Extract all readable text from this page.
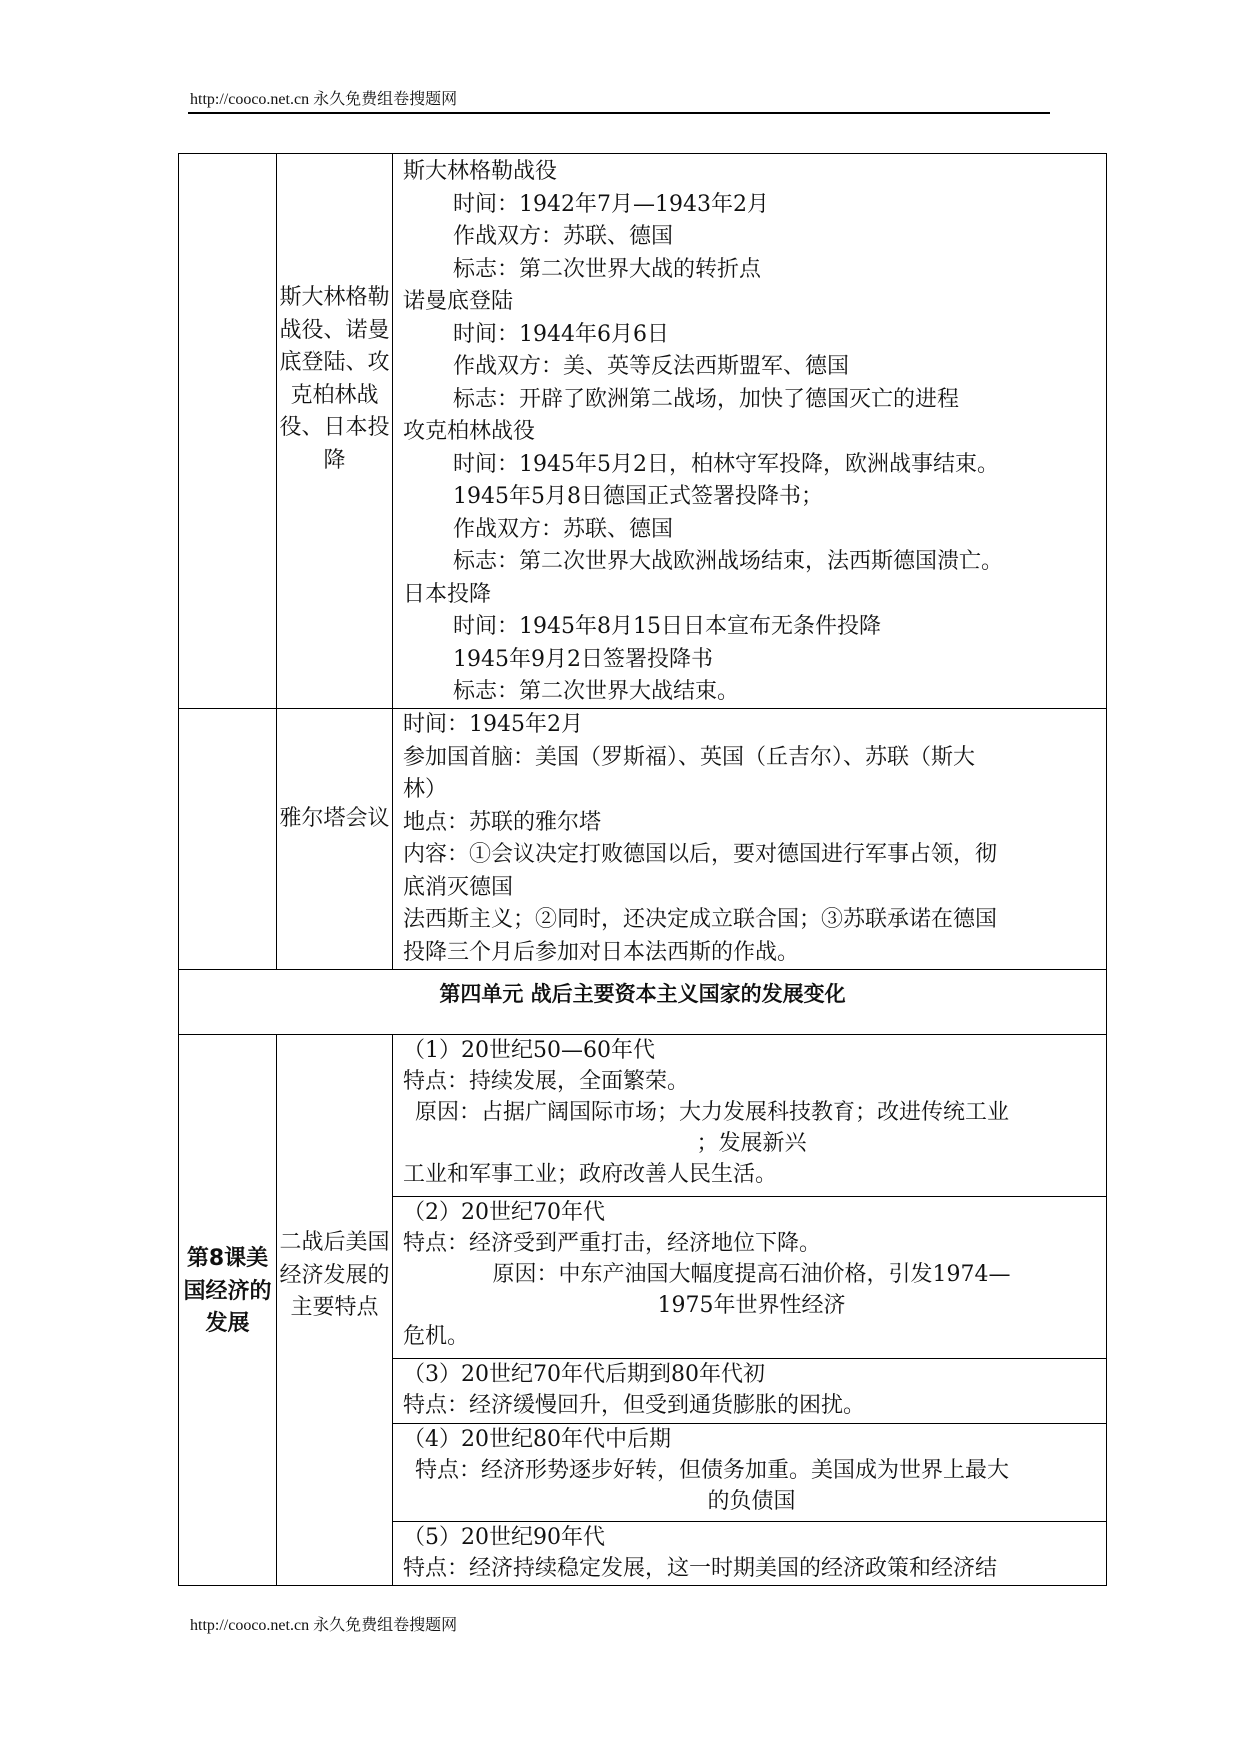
http://cooco.net.cn 永久免费组卷搜题网
斯大林格勒战役、诺曼底登陆、攻克柏林战役、日本投降
斯大林格勒战役
时间：1942年7月—1943年2月
作战双方：苏联、德国
标志：第二次世界大战的转折点
诺曼底登陆
时间：1944年6月6日
作战双方：美、英等反法西斯盟军、德国
标志：开辟了欧洲第二战场，加快了德国灭亡的进程
攻克柏林战役
时间：1945年5月2日，柏林守军投降，欧洲战事结束。
1945年5月8日德国正式签署投降书；
作战双方：苏联、德国
标志：第二次世界大战欧洲战场结束，法西斯德国溃亡。
日本投降
时间：1945年8月15日日本宣布无条件投降
1945年9月2日签署投降书
标志：第二次世界大战结束。
雅尔塔会议
时间：1945年2月
参加国首脑：美国（罗斯福）、英国（丘吉尔）、苏联（斯大
林）
地点：苏联的雅尔塔
内容：①会议决定打败德国以后，要对德国进行军事占领，彻
底消灭德国
法西斯主义；②同时，还决定成立联合国；③苏联承诺在德国
投降三个月后参加对日本法西斯的作战。
第四单元 战后主要资本主义国家的发展变化
第8课美国经济的发展
二战后美国经济发展的主要特点
（1）20世纪50—60年代
特点：持续发展，全面繁荣。
原因：占据广阔国际市场；大力发展科技教育；改进传统工业
；发展新兴
工业和军事工业；政府改善人民生活。
（2）20世纪70年代
特点：经济受到严重打击，经济地位下降。
原因：中东产油国大幅度提高石油价格，引发1974—
1975年世界性经济
危机。
（3）20世纪70年代后期到80年代初
特点：经济缓慢回升，但受到通货膨胀的困扰。
（4）20世纪80年代中后期
特点：经济形势逐步好转，但债务加重。美国成为世界上最大
的负债国
（5）20世纪90年代
特点：经济持续稳定发展，这一时期美国的经济政策和经济结
http://cooco.net.cn 永久免费组卷搜题网
